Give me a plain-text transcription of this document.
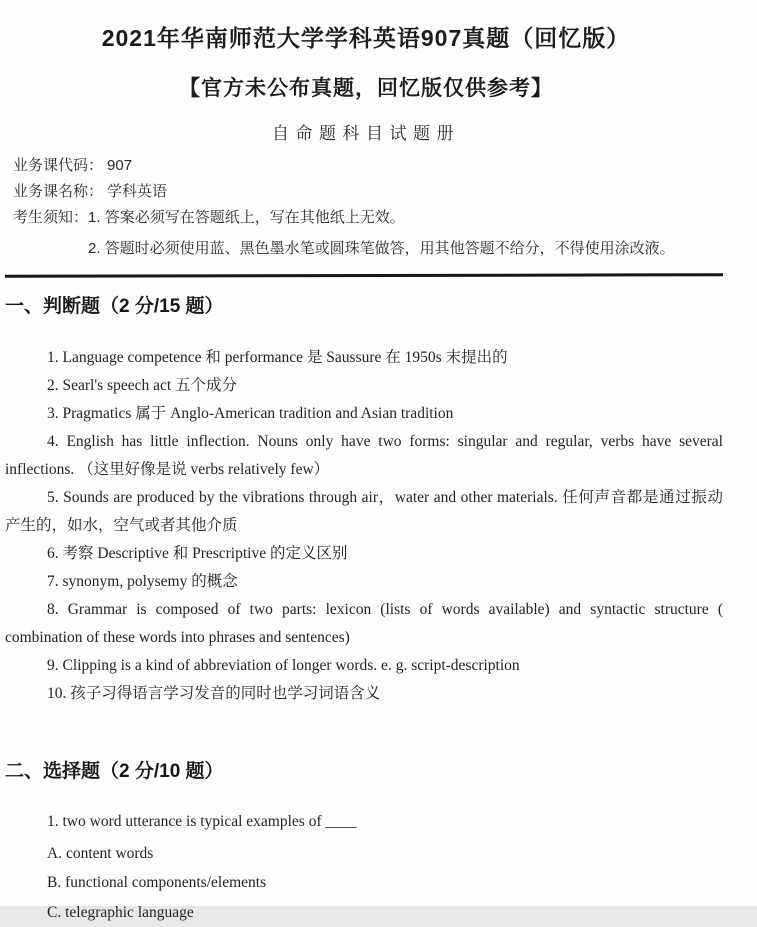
2021年华南师范大学学科英语907真题（回忆版）
【官方未公布真题，回忆版仅供参考】
自命题科目试题册
业务课代码： 907
业务课名称： 学科英语
考生须知：1. 答案必须写在答题纸上，写在其他纸上无效。
2. 答题时必须使用蓝、黑色墨水笔或圆珠笔做答，用其他答题不给分，不得使用涂改液。
一、判断题（2 分/15 题）

1. Language competence 和 performance 是 Saussure 在 1950s 末提出的

2. Searl's speech act 五个成分

3. Pragmatics 属于 Anglo-American tradition and Asian tradition

4. English has little inflection. Nouns only have two forms: singular and regular, verbs have several inflections. （这里好像是说 verbs relatively few）

5. Sounds are produced by the vibrations through air，water and other materials. 任何声音都是通过振动产生的，如水，空气或者其他介质

6. 考察 Descriptive 和 Prescriptive 的定义区别

7. synonym, polysemy 的概念

8. Grammar is composed of two parts: lexicon (lists of words available) and syntactic structure ( combination of these words into phrases and sentences)

9. Clipping is a kind of abbreviation of longer words. e. g. script-description

10. 孩子习得语言学习发音的同时也学习词语含义

二、选择题（2 分/10 题）

1. two word utterance is typical examples of ____

A. content words

B. functional components/elements

C. telegraphic language
